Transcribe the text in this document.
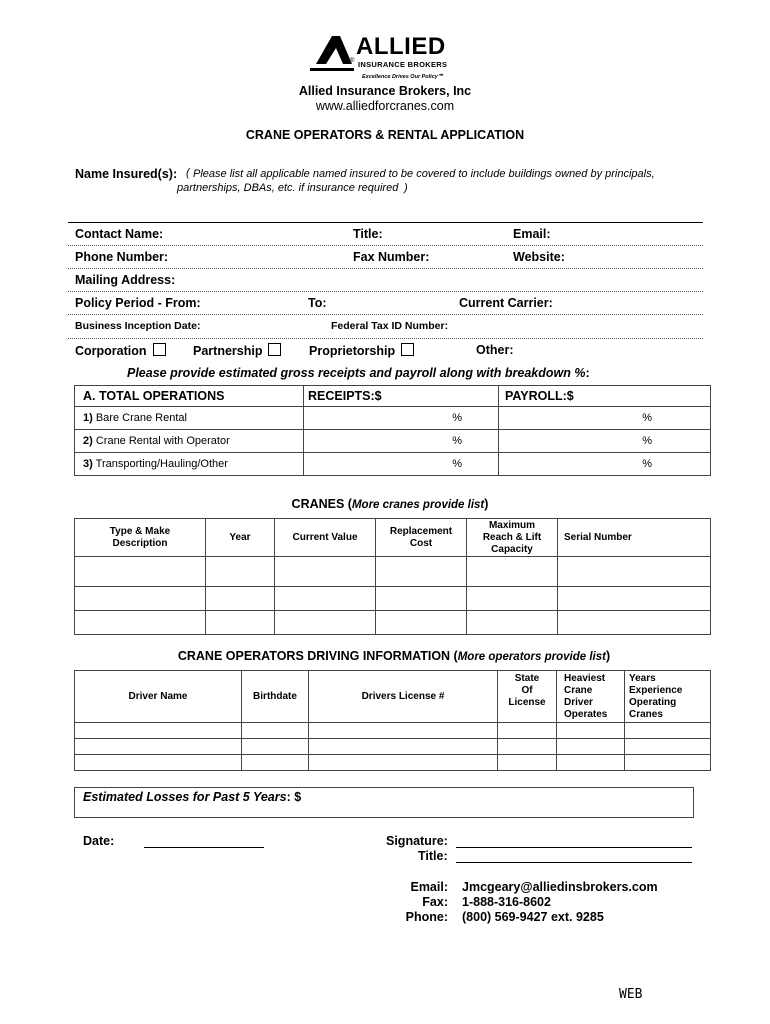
ALLIED
® INSURANCE BROKERS
Excellence Drives Our Policy℠
Allied Insurance Brokers, Inc
www.alliedforcranes.com
CRANE OPERATORS & RENTAL APPLICATION
Name Insured(s): ( Please list all applicable named insured to be covered to include buildings owned by principals,
partnerships, DBAs, etc. if insurance required )
Contact Name:	Title:	Email:
Phone Number:	Fax Number:	Website:
Mailing Address:
Policy Period - From:	To:	Current Carrier:
Business Inception Date:	Federal Tax ID Number:
Corporation	Partnership	Proprietorship	Other:
Please provide estimated gross receipts and payroll along with breakdown %:
A. TOTAL OPERATIONS	RECEIPTS:$	PAYROLL:$
1) Bare Crane Rental	%	%
2) Crane Rental with Operator	%	%
3) Transporting/Hauling/Other	%	%
CRANES (More cranes provide list)
Type & Make
Description	Year	Current Value	Replacement
Cost	Maximum
Reach & Lift
Capacity	Serial Number

CRANE OPERATORS DRIVING INFORMATION (More operators provide list)
Driver Name	Birthdate	Drivers License #	State
Of
License	Heaviest
Crane
Driver
Operates	Years
Experience
Operating
Cranes

Estimated Losses for Past 5 Years: $
Date:	Signature:
Title:
Email: Jmcgeary@alliedinsbrokers.com
Fax: 1-888-316-8602
Phone: (800) 569-9427 ext. 9285
WEB
